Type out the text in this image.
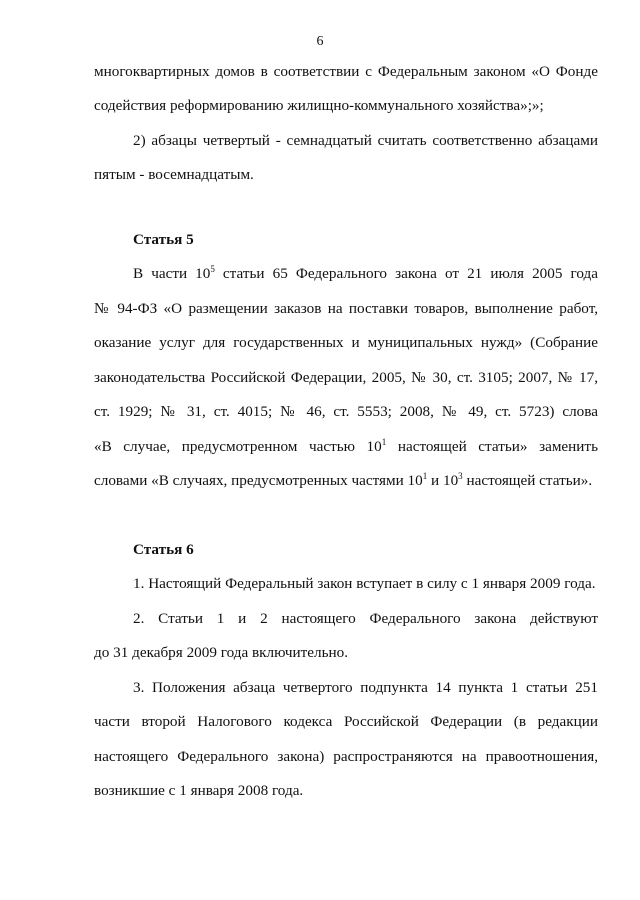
6
многоквартирных домов в соответствии с Федеральным законом «О Фонде
содействия реформированию жилищно-коммунального хозяйства»;»;
2) абзацы четвертый - семнадцатый считать соответственно абзацами
пятым - восемнадцатым.
Статья 5
В части $10^5$ статьи 65 Федерального закона от 21 июля 2005 года
№ 94-ФЗ «О размещении заказов на поставки товаров, выполнение работ,
оказание услуг для государственных и муниципальных нужд» (Собрание
законодательства Российской Федерации, 2005, № 30, ст. 3105; 2007, № 17,
ст. 1929; № 31, ст. 4015; № 46, ст. 5553; 2008, № 49, ст. 5723) слова
«В случае, предусмотренном частью $10^1$ настоящей статьи» заменить
словами «В случаях, предусмотренных частями $10^1$ и $10^3$ настоящей статьи».
Статья 6
1. Настоящий Федеральный закон вступает в силу с 1 января 2009 года.
2. Статьи 1 и 2 настоящего Федерального закона действуют
до 31 декабря 2009 года включительно.
3. Положения абзаца четвертого подпункта 14 пункта 1 статьи 251
части второй Налогового кодекса Российской Федерации (в редакции
настоящего Федерального закона) распространяются на правоотношения,
возникшие с 1 января 2008 года.
